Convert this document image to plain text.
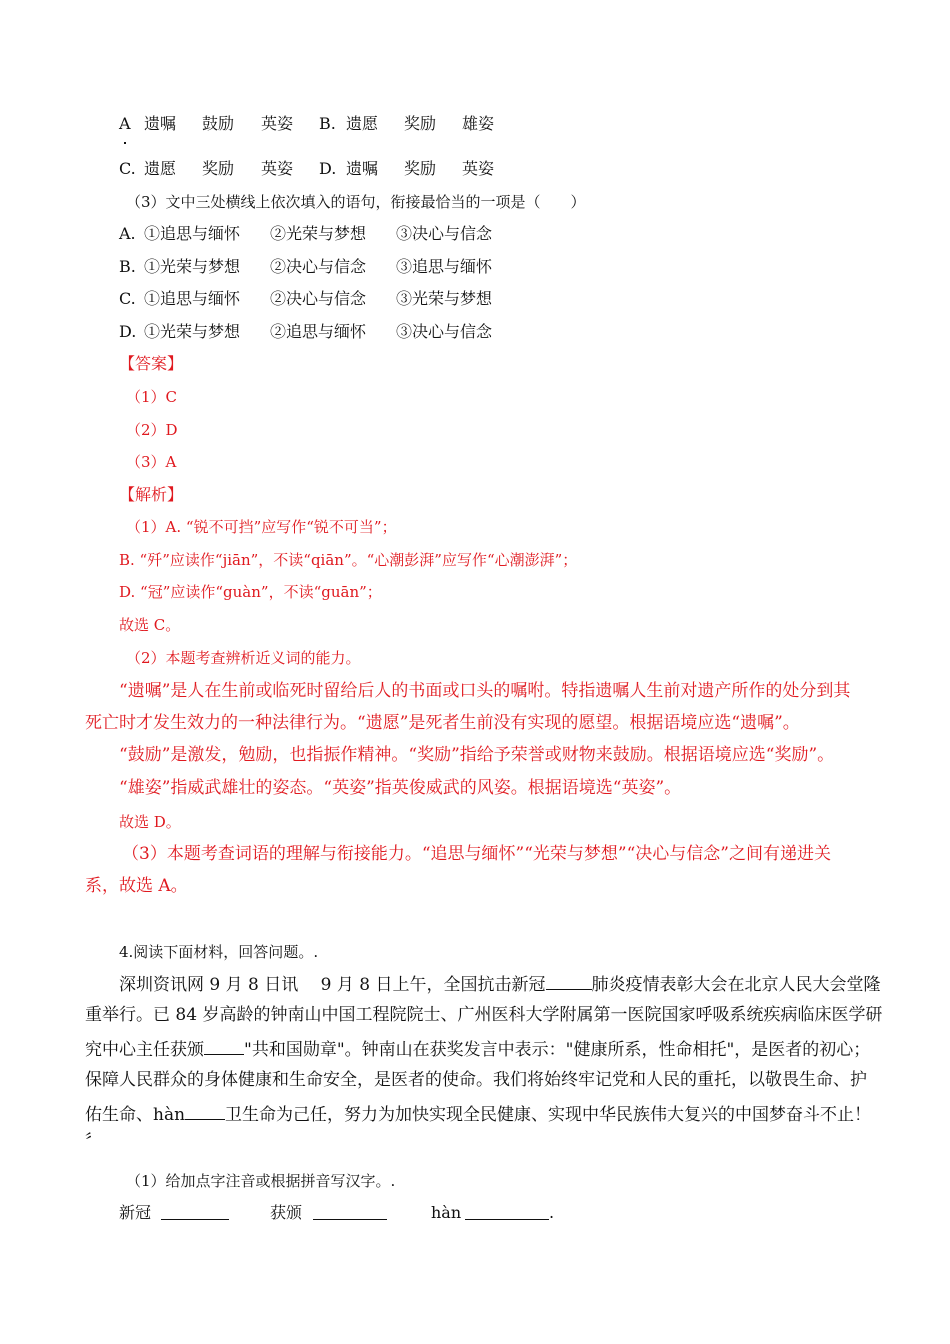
A 遗嘱 鼓励 英姿 B. 遗愿 奖励 雄姿
C. 遗愿 奖励 英姿 D. 遗嘱 奖励 英姿
（3）文中三处横线上依次填入的语句，衔接最恰当的一项是（　　）
A. ①追思与缅怀 ②光荣与梦想 ③决心与信念
B. ①光荣与梦想 ②决心与信念 ③追思与缅怀
C. ①追思与缅怀 ②决心与信念 ③光荣与梦想
D. ①光荣与梦想 ②追思与缅怀 ③决心与信念
【答案】
（1）C
（2）D
（3）A
【解析】
（1）A. “锐不可挡”应写作“锐不可当”；
B. “歼”应读作“jiān”，不读“qiān”。“心潮彭湃”应写作“心潮澎湃”；
D. “冠”应读作“guàn”，不读“guān”；
故选 C。
（2）本题考查辨析近义词的能力。
“遗嘱”是人在生前或临死时留给后人的书面或口头的嘱咐。特指遗嘱人生前对遗产所作的处分到其
死亡时才发生效力的一种法律行为。“遗愿”是死者生前没有实现的愿望。根据语境应选“遗嘱”。
“鼓励”是激发，勉励，也指振作精神。“奖励”指给予荣誉或财物来鼓励。根据语境应选“奖励”。
“雄姿”指威武雄壮的姿态。“英姿”指英俊威武的风姿。根据语境选“英姿”。
故选 D。
（3）本题考查词语的理解与衔接能力。“追思与缅怀”“光荣与梦想”“决心与信念”之间有递进关
系，故选 A。
4.阅读下面材料，回答问题。.
深圳资讯网 9 月 8 日讯　 9 月 8 日上午，全国抗击新冠	肺炎疫情表彰大会在北京人民大会堂隆
重举行。已 84 岁高龄的钟南山中国工程院院士、广州医科大学附属第一医院国家呼吸系统疾病临床医学研
究中心主任获颁 "共和国勋章"。钟南山在获奖发言中表示："健康所系，性命相托"，是医者的初心；
保障人民群众的身体健康和生命安全，是医者的使命。我们将始终牢记党和人民的重托，以敬畏生命、护
佑生命、hàn 卫生命为己任，努力为加快实现全民健康、实现中华民族伟大复兴的中国梦奋斗不止！
〞
（1）给加点字注音或根据拼音写汉字。.
新冠	获颁	hàn	.
